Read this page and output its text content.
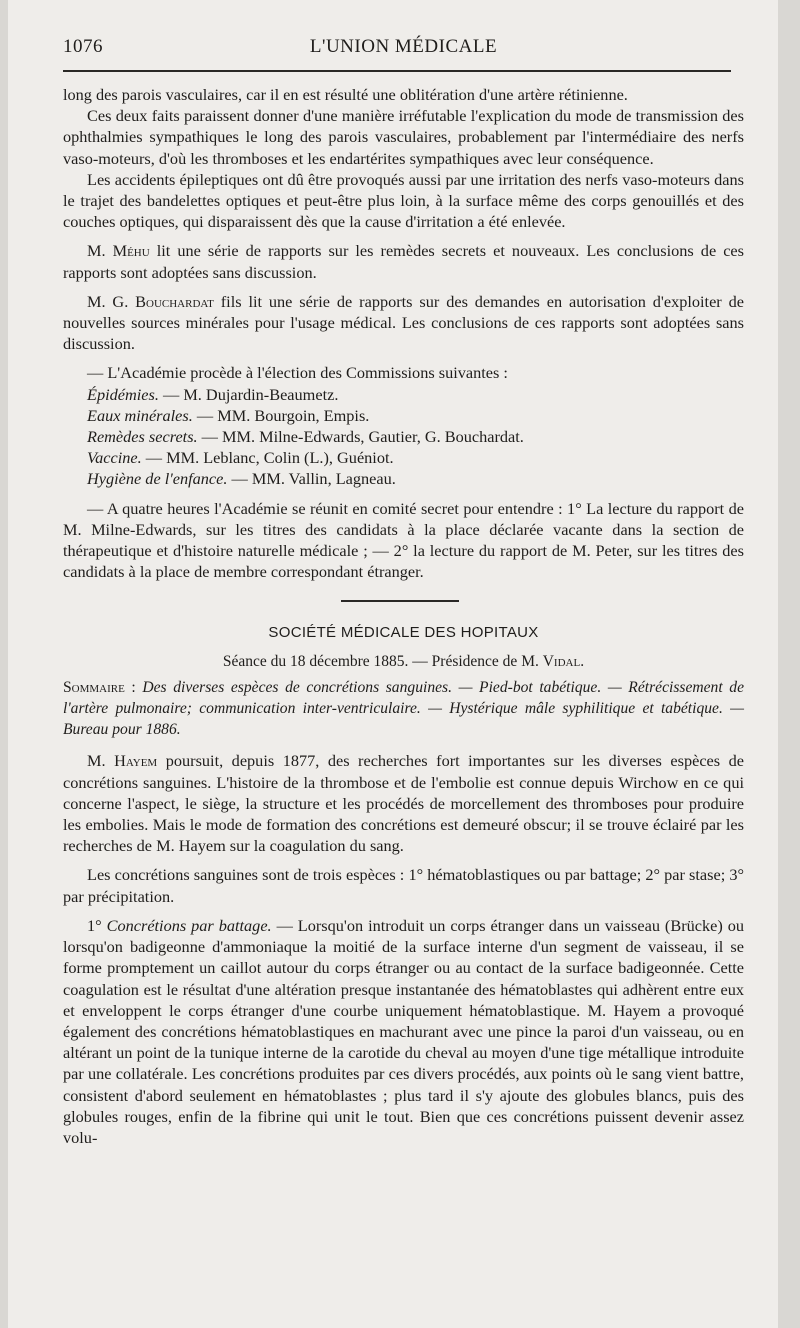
1076	L'UNION MÉDICALE

long des parois vasculaires, car il en est résulté une oblitération d'une artère rétinienne.

Ces deux faits paraissent donner d'une manière irréfutable l'explication du mode de transmission des ophthalmies sympathiques le long des parois vasculaires, probablement par l'intermédiaire des nerfs vaso-moteurs, d'où les thromboses et les endartérites sympathiques avec leur conséquence.

Les accidents épileptiques ont dû être provoqués aussi par une irritation des nerfs vaso-moteurs dans le trajet des bandelettes optiques et peut-être plus loin, à la surface même des corps genouillés et des couches optiques, qui disparaissent dès que la cause d'irritation a été enlevée.

M. Méhu lit une série de rapports sur les remèdes secrets et nouveaux. Les conclusions de ces rapports sont adoptées sans discussion.

M. G. Bouchardat fils lit une série de rapports sur des demandes en autorisation d'exploiter de nouvelles sources minérales pour l'usage médical. Les conclusions de ces rapports sont adoptées sans discussion.

— L'Académie procède à l'élection des Commissions suivantes :

Épidémies. — M. Dujardin-Beaumetz.

Eaux minérales. — MM. Bourgoin, Empis.

Remèdes secrets. — MM. Milne-Edwards, Gautier, G. Bouchardat.

Vaccine. — MM. Leblanc, Colin (L.), Guéniot.

Hygiène de l'enfance. — MM. Vallin, Lagneau.

— A quatre heures l'Académie se réunit en comité secret pour entendre : 1° La lecture du rapport de M. Milne-Edwards, sur les titres des candidats à la place déclarée vacante dans la section de thérapeutique et d'histoire naturelle médicale ; — 2° la lecture du rapport de M. Peter, sur les titres des candidats à la place de membre correspondant étranger.

SOCIÉTÉ MÉDICALE DES HOPITAUX
Séance du 18 décembre 1885. — Présidence de M. Vidal.

Sommaire : Des diverses espèces de concrétions sanguines. — Pied-bot tabétique. — Rétrécissement de l'artère pulmonaire; communication inter-ventriculaire. — Hystérique mâle syphilitique et tabétique. — Bureau pour 1886.

M. Hayem poursuit, depuis 1877, des recherches fort importantes sur les diverses espèces de concrétions sanguines. L'histoire de la thrombose et de l'embolie est connue depuis Wirchow en ce qui concerne l'aspect, le siège, la structure et les procédés de morcellement des thromboses pour produire les embolies. Mais le mode de formation des concrétions est demeuré obscur; il se trouve éclairé par les recherches de M. Hayem sur la coagulation du sang.

Les concrétions sanguines sont de trois espèces : 1° hématoblastiques ou par battage; 2° par stase; 3° par précipitation.

1° Concrétions par battage. — Lorsqu'on introduit un corps étranger dans un vaisseau (Brücke) ou lorsqu'on badigeonne d'ammoniaque la moitié de la surface interne d'un segment de vaisseau, il se forme promptement un caillot autour du corps étranger ou au contact de la surface badigeonnée. Cette coagulation est le résultat d'une altération presque instantanée des hématoblastes qui adhèrent entre eux et enveloppent le corps étranger d'une courbe uniquement hématoblastique. M. Hayem a provoqué également des concrétions hématoblastiques en machurant avec une pince la paroi d'un vaisseau, ou en altérant un point de la tunique interne de la carotide du cheval au moyen d'une tige métallique introduite par une collatérale. Les concrétions produites par ces divers procédés, aux points où le sang vient battre, consistent d'abord seulement en hématoblastes ; plus tard il s'y ajoute des globules blancs, puis des globules rouges, enfin de la fibrine qui unit le tout. Bien que ces concrétions puissent devenir assez volu-
